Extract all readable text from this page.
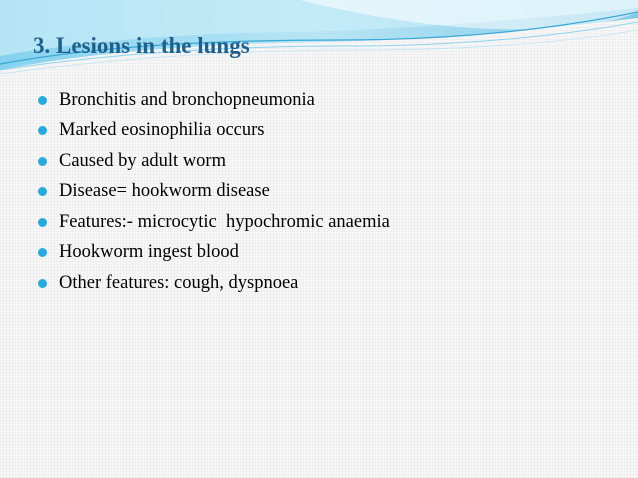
3. Lesions in the lungs
Bronchitis and bronchopneumonia
Marked eosinophilia occurs
Caused by adult worm
Disease= hookworm disease
Features:- microcytic  hypochromic anaemia
Hookworm ingest blood
Other features: cough, dyspnoea
